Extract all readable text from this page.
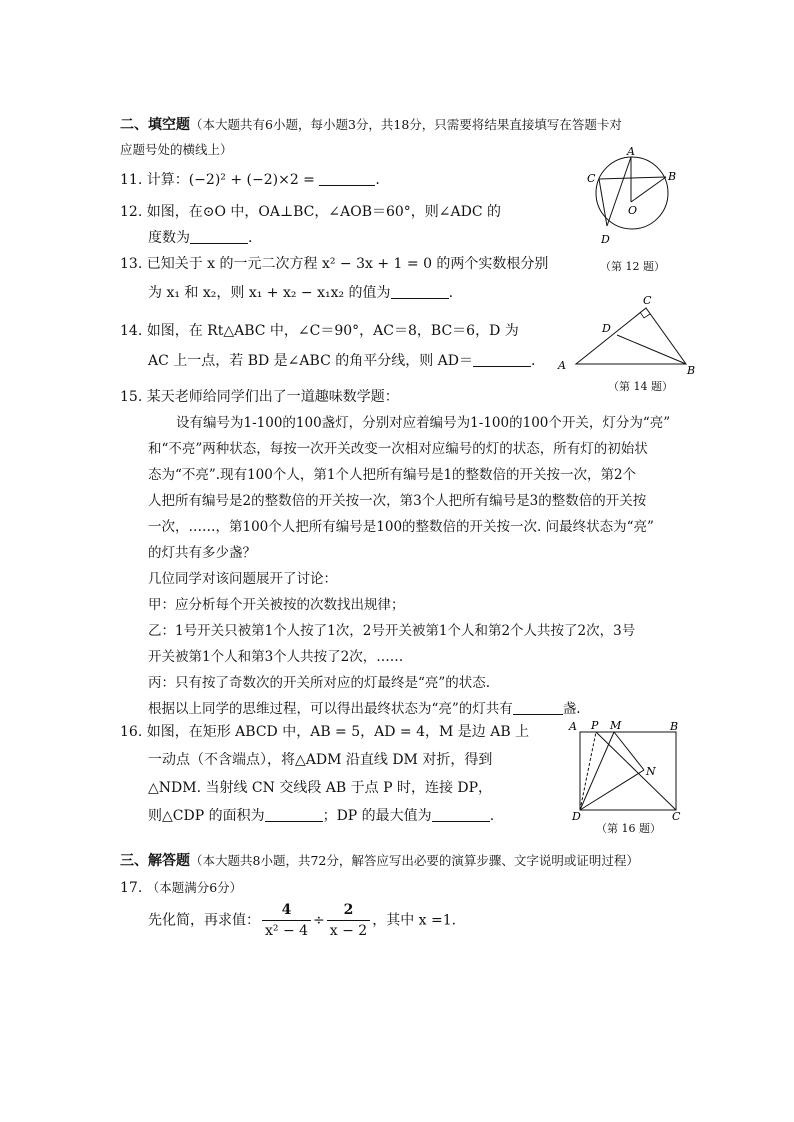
二、填空题（本大题共有6小题，每小题3分，共18分，只需要将结果直接填写在答题卡对
应题号处的横线上）
11. 计算：(−2)² + (−2)×2 =	.
12. 如图，在⊙O 中，OA⊥BC，∠AOB＝60°，则∠ADC 的
度数为	.
13. 已知关于 x 的一元二次方程 x² − 3x + 1 = 0 的两个实数根分别
为 x₁ 和 x₂，则 x₁ + x₂ − x₁x₂ 的值为	.
14. 如图，在 Rt△ABC 中，∠C＝90°，AC＝8，BC＝6，D 为
AC 上一点，若 BD 是∠ABC 的角平分线，则 AD＝	.
15. 某天老师给同学们出了一道趣味数学题：
设有编号为1-100的100盏灯，分别对应着编号为1-100的100个开关，灯分为“亮”
和“不亮”两种状态，每按一次开关改变一次相对应编号的灯的状态，所有灯的初始状
态为“不亮”.现有100个人，第1个人把所有编号是1的整数倍的开关按一次，第2个
人把所有编号是2的整数倍的开关按一次，第3个人把所有编号是3的整数倍的开关按
一次，……，第100个人把所有编号是100的整数倍的开关按一次. 问最终状态为“亮”
的灯共有多少盏？
几位同学对该问题展开了讨论：
甲：应分析每个开关被按的次数找出规律；
乙：1号开关只被第1个人按了1次，2号开关被第1个人和第2个人共按了2次，3号
开关被第1个人和第3个人共按了2次，……
丙：只有按了奇数次的开关所对应的灯最终是“亮”的状态.
根据以上同学的思维过程，可以得出最终状态为“亮”的灯共有	盏.
16. 如图，在矩形 ABCD 中，AB = 5，AD = 4，M 是边 AB 上
一动点（不含端点），将△ADM 沿直线 DM 对折，得到
△NDM. 当射线 CN 交线段 AB 于点 P 时，连接 DP，
则△CDP 的面积为	；DP 的最大值为	.
三、解答题（本大题共8小题，共72分，解答应写出必要的演算步骤、文字说明或证明过程）
17. （本题满分6分）
先化简，再求值： $\frac{4}{\text{x² − 4}} \div \frac{2}{x - 2}$ ，其中 x =1.
A
B
C
D
O
（第 12 题）
A	B
C
D
（第 14 题）
A P M	B
N
D	C
（第 16 题）
